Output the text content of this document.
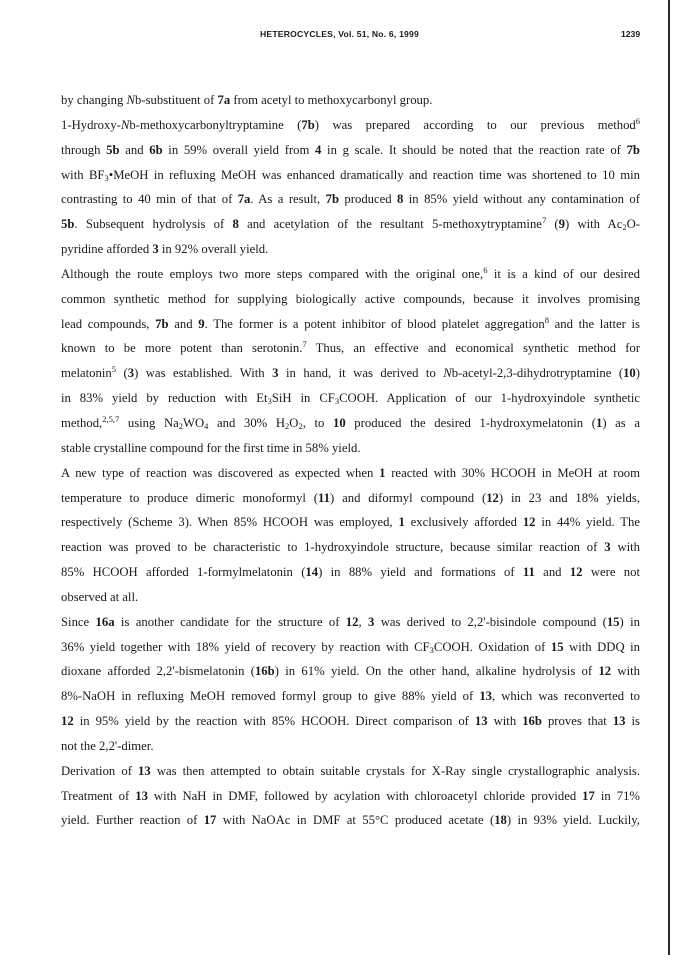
HETEROCYCLES, Vol. 51, No. 6, 1999	1239
by changing Nb-substituent of 7a from acetyl to methoxycarbonyl group.
1-Hydroxy-Nb-methoxycarbonyltryptamine (7b) was prepared according to our previous method$^6$
through 5b and 6b in 59% overall yield from 4 in g scale. It should be noted that the reaction rate of 7b
with $BF_3•MeOH$ in refluxing MeOH was enhanced dramatically and reaction time was shortened to 10 min
contrasting to 40 min of that of 7a. As a result, 7b produced 8 in 85% yield without any contamination of
5b. Subsequent hydrolysis of 8 and acetylation of the resultant 5-methoxytryptamine$^7$ (9) with $Ac_2O-$
pyridine afforded 3 in 92% overall yield.
Although the route employs two more steps compared with the original one,$^6$ it is a kind of our desired
common synthetic method for supplying biologically active compounds, because it involves promising
lead compounds, 7b and 9. The former is a potent inhibitor of blood platelet aggregation$^8$ and the latter is
known to be more potent than serotonin.$^7$ Thus, an effective and economical synthetic method for
melatonin$^5$ (3) was established. With 3 in hand, it was derived to Nb-acetyl-2,3-dihydrotryptamine (10)
in 83% yield by reduction with $Et_3SiH$ in $CF_3COOH$. Application of our 1-hydroxyindole synthetic
method,$^{2,5,7}$ using $Na_2WO_4$ and 30% $H_2O_2$, to 10 produced the desired 1-hydroxymelatonin (1) as a
stable crystalline compound for the first time in 58% yield.
A new type of reaction was discovered as expected when 1 reacted with 30% HCOOH in MeOH at room
temperature to produce dimeric monoformyl (11) and diformyl compound (12) in 23 and 18% yields,
respectively (Scheme 3). When 85% HCOOH was employed, 1 exclusively afforded 12 in 44% yield. The
reaction was proved to be characteristic to 1-hydroxyindole structure, because similar reaction of 3 with
85% HCOOH afforded 1-formylmelatonin (14) in 88% yield and formations of 11 and 12 were not
observed at all.
Since 16a is another candidate for the structure of 12, 3 was derived to 2,2'-bisindole compound (15) in
36% yield together with 18% yield of recovery by reaction with $CF_3COOH$. Oxidation of 15 with DDQ in
dioxane afforded 2,2'-bismelatonin (16b) in 61% yield. On the other hand, alkaline hydrolysis of 12 with
8%-NaOH in refluxing MeOH removed formyl group to give 88% yield of 13, which was reconverted to
12 in 95% yield by the reaction with 85% HCOOH. Direct comparison of 13 with 16b proves that 13 is
not the 2,2'-dimer.
Derivation of 13 was then attempted to obtain suitable crystals for X-Ray single crystallographic analysis.
Treatment of 13 with NaH in DMF, followed by acylation with chloroacetyl chloride provided 17 in 71%
yield. Further reaction of 17 with NaOAc in DMF at 55°C produced acetate (18) in 93% yield. Luckily,
